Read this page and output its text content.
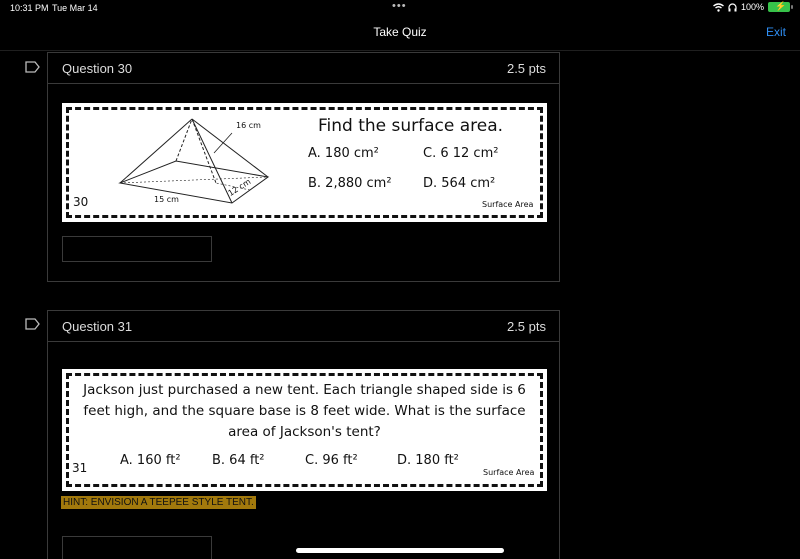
10:31 PM Tue Mar 14	•••	100% ⚡
Take Quiz	Exit
Question 30	2.5 pts
16 cm
15 cm
12 cm
30
Find the surface area.
A. 180 cm²	C. 6 12 cm²
B. 2,880 cm² D. 564 cm²
Surface Area
Question 31	2.5 pts
Jackson just purchased a new tent. Each triangle shaped side is 6
feet high, and the square base is 8 feet wide. What is the surface
area of Jackson's tent?
A. 160 ft² B. 64 ft²	C. 96 ft²	D. 180 ft²
31	Surface Area
HINT: ENVISION A TEEPEE STYLE TENT.
